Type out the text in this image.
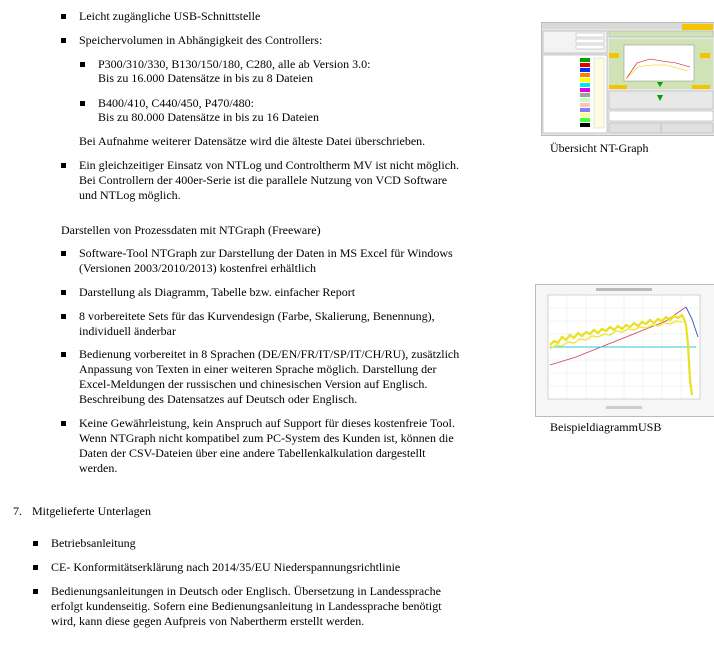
Leicht zugängliche USB-Schnittstelle
Speichervolumen in Abhängigkeit des Controllers:
P300/310/330, B130/150/180, C280, alle ab Version 3.0:
Bis zu 16.000 Datensätze in bis zu 8 Dateien
B400/410, C440/450, P470/480:
Bis zu 80.000 Datensätze in bis zu 16 Dateien
Bei Aufnahme weiterer Datensätze wird die älteste Datei überschrieben.
Ein gleichzeitiger Einsatz von NTLog und Controltherm MV ist nicht möglich.
Bei Controllern der 400er-Serie ist die parallele Nutzung von VCD Software
und NTLog möglich.
Darstellen von Prozessdaten mit NTGraph (Freeware)
Software-Tool NTGraph zur Darstellung der Daten in MS Excel für Windows
(Versionen 2003/2010/2013) kostenfrei erhältlich
Darstellung als Diagramm, Tabelle bzw. einfacher Report
8 vorbereitete Sets für das Kurvendesign (Farbe, Skalierung, Benennung),
individuell änderbar
Bedienung vorbereitet in 8 Sprachen (DE/EN/FR/IT/SP/IT/CH/RU), zusätzlich
Anpassung von Texten in einer weiteren Sprache möglich. Darstellung der
Excel-Meldungen der russischen und chinesischen Version auf Englisch.
Beschreibung des Datensatzes auf Deutsch oder Englisch.
Keine Gewährleistung, kein Anspruch auf Support für dieses kostenfreie Tool.
Wenn NTGraph nicht kompatibel zum PC-System des Kunden ist, können die
Daten der CSV-Dateien über eine andere Tabellenkalkulation dargestellt
werden.
7. Mitgelieferte Unterlagen
Betriebsanleitung
CE- Konformitätserklärung nach 2014/35/EU Niederspannungsrichtlinie
Bedienungsanleitungen in Deutsch oder Englisch. Übersetzung in Landessprache
erfolgt kundenseitig. Sofern eine Bedienungsanleitung in Landessprache benötigt
wird, kann diese gegen Aufpreis von Nabertherm erstellt werden.
Übersicht NT-Graph
BeispieldiagrammUSB
